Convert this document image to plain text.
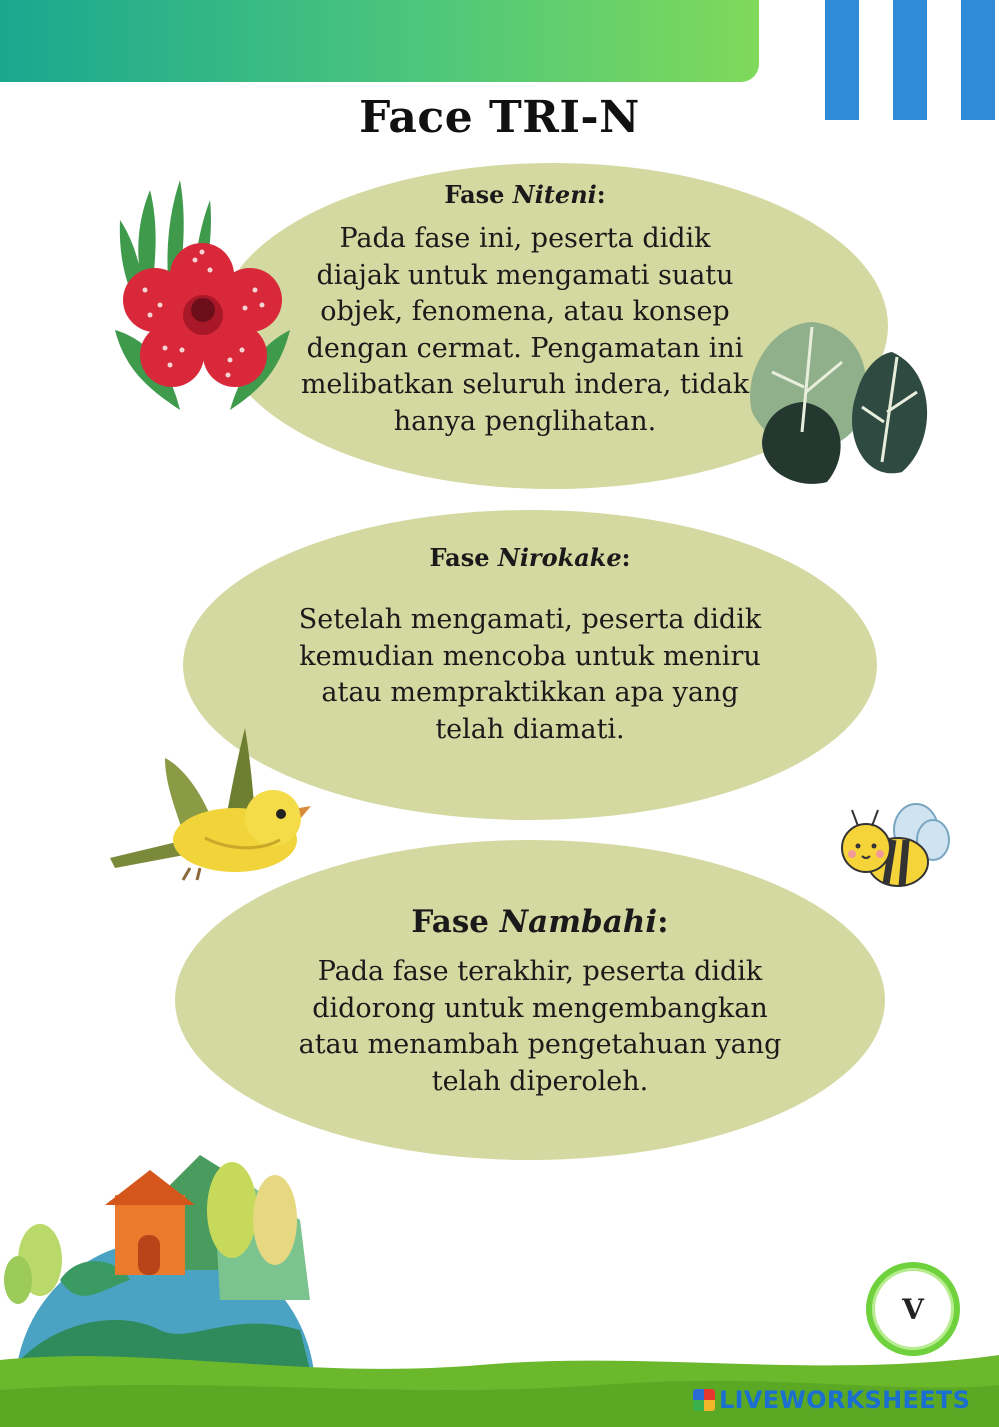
Face TRI-N

Fase Niteni:

Pada fase ini, peserta didik diajak untuk mengamati suatu objek, fenomena, atau konsep dengan cermat. Pengamatan ini melibatkan seluruh indera, tidak hanya penglihatan.

Fase Nirokake:

Setelah mengamati, peserta didik kemudian mencoba untuk meniru atau mempraktikkan apa yang telah diamati.

Fase Nambahi:

Pada fase terakhir, peserta didik didorong untuk mengembangkan atau menambah pengetahuan yang telah diperoleh.

V
LIVEWORKSHEETS
